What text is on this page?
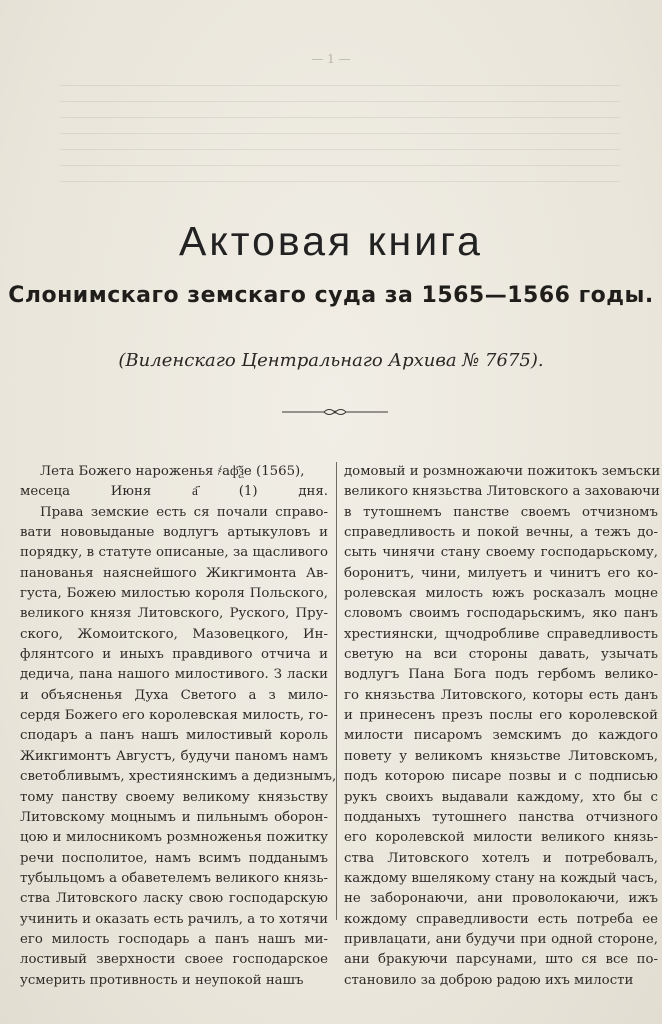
— 1 —
Актовая книга
Слонимскаго земскаго суда за 1565—1566 годы.
(Виленскаго Центральнаго Архива № 7675).
Лета Божего нароженья ҂аф҃ѯе (1565),
месеца Июня а҃ (1) дня.
Права земские есть ся почали справо-
вати нововыданые водлугъ артыкуловъ и
порядку, в статуте описаные, за щасливого
панованья наяснейшого Жикгимонта Ав-
густа, Божею милостью короля Польского,
великого князя Литовского, Руского, Пру-
ского, Жомоитского, Мазовецкого, Ин-
флянтсого и иныхъ правдивого отчича и
дедича, пана нашого милостивого. З ласки
и объясненья Духа Светого а з мило-
сердя Божего его королевская милость, го-
сподаръ а панъ нашъ милостивый король
Жикгимонтъ Августъ, будучи паномъ намъ
светобливымъ, хрестиянскимъ а дедизнымъ,
тому панству своему великому князьству
Литовскому моцнымъ и пильнымъ оборон-
цою и милосникомъ розмноженья пожитку
речи посполитое, намъ всимъ подданымъ
тубыльцомъ а обаветелемъ великого князь-
ства Литовского ласку свою господарскую
учинить и оказать есть рачилъ, а то хотячи
его милость господарь а панъ нашъ ми-
лостивый зверхности своее господарское
усмерить противность и неупокой нашъ
домовый и розмножаючи пожитокъ земъски
великого князьства Литовского а заховаючи
в тутошнемъ панстве своемъ отчизномъ
справедливость и покой вечны, а тежъ до-
сыть чинячи стану своему господарьскому,
боронитъ, чини, милуетъ и чинитъ его ко-
ролевская милость южъ росказалъ моцне
словомъ своимъ господарьскимъ, яко панъ
хрестиянски, щчодробливе справедливость
светую на вси стороны давать, узычать
водлугъ Пана Бога подъ гербомъ велико-
го князьства Литовского, которы есть данъ
и принесенъ презъ послы его королевской
милости писаромъ земскимъ до каждого
повету у великомъ князьстве Литовскомъ,
подъ которою писаре позвы и с подписью
рукъ своихъ выдавали каждому, хто бы с
подданыхъ тутошнего панства отчизного
его королевской милости великого князь-
ства Литовского хотелъ и потребовалъ,
каждому вшелякому стану на кождый часъ,
не заборонаючи, ани проволокаючи, ижъ
кождому справедливости есть потреба ее
привлацати, ани будучи при одной стороне,
ани бракуючи парсунами, што ся все по-
становило за доброю радою ихъ милости
